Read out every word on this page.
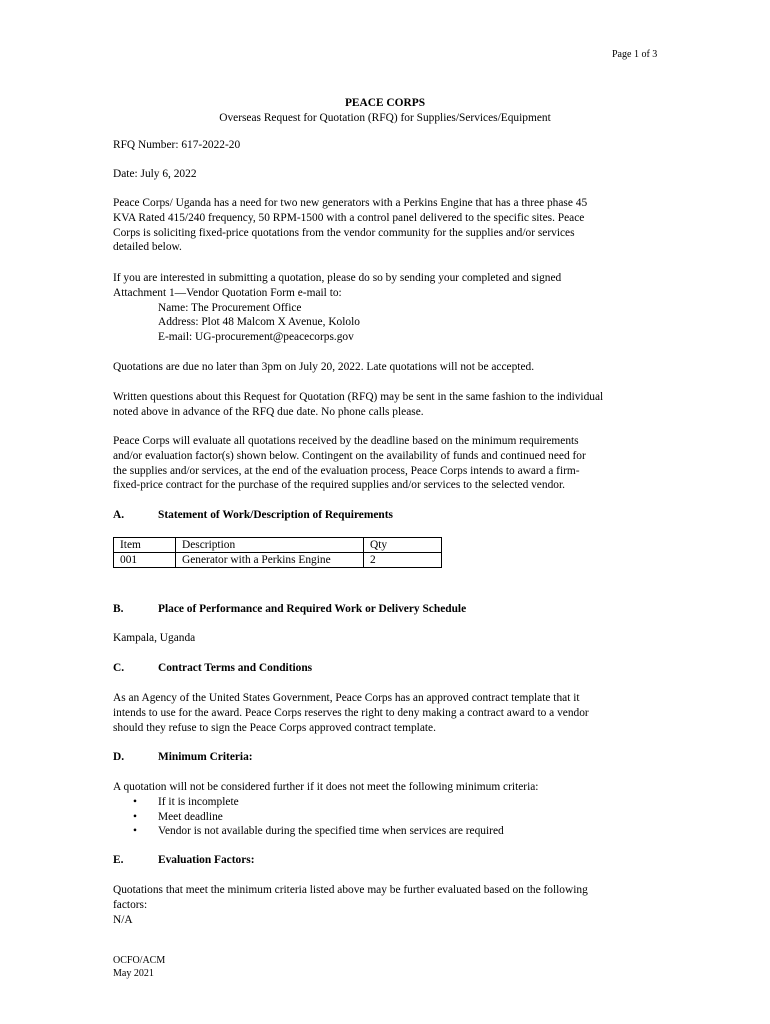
Page 1 of 3
PEACE CORPS
Overseas Request for Quotation (RFQ) for Supplies/Services/Equipment
RFQ Number: 617-2022-20
Date: July 6, 2022

Peace Corps/ Uganda has a need for two new generators with a Perkins Engine that has a three phase 45

KVA Rated 415/240 frequency, 50 RPM-1500 with a control panel delivered to the specific sites. Peace

Corps is soliciting fixed-price quotations from the vendor community for the supplies and/or services

detailed below.

If you are interested in submitting a quotation, please do so by sending your completed and signed

Attachment 1—Vendor Quotation Form e-mail to:

Name: The Procurement Office

Address: Plot 48 Malcom X Avenue, Kololo

E-mail: UG-procurement@peacecorps.gov

Quotations are due no later than 3pm on July 20, 2022. Late quotations will not be accepted.

Written questions about this Request for Quotation (RFQ) may be sent in the same fashion to the individual

noted above in advance of the RFQ due date. No phone calls please.

Peace Corps will evaluate all quotations received by the deadline based on the minimum requirements

and/or evaluation factor(s) shown below. Contingent on the availability of funds and continued need for

the supplies and/or services, at the end of the evaluation process, Peace Corps intends to award a firm-

fixed-price contract for the purchase of the required supplies and/or services to the selected vendor.

A.	Statement of Work/Description of Requirements
Item	Description	Qty
001	Generator with a Perkins Engine	2
B.	Place of Performance and Required Work or Delivery Schedule
Kampala, Uganda
C.	Contract Terms and Conditions

As an Agency of the United States Government, Peace Corps has an approved contract template that it

intends to use for the award. Peace Corps reserves the right to deny making a contract award to a vendor

should they refuse to sign the Peace Corps approved contract template.

D.	Minimum Criteria:

A quotation will not be considered further if it does not meet the following minimum criteria:

• If it is incomplete
• Meet deadline
• Vendor is not available during the specified time when services are required
E.	Evaluation Factors:

Quotations that meet the minimum criteria listed above may be further evaluated based on the following

factors:

N/A

OCFO/ACM
May 2021
